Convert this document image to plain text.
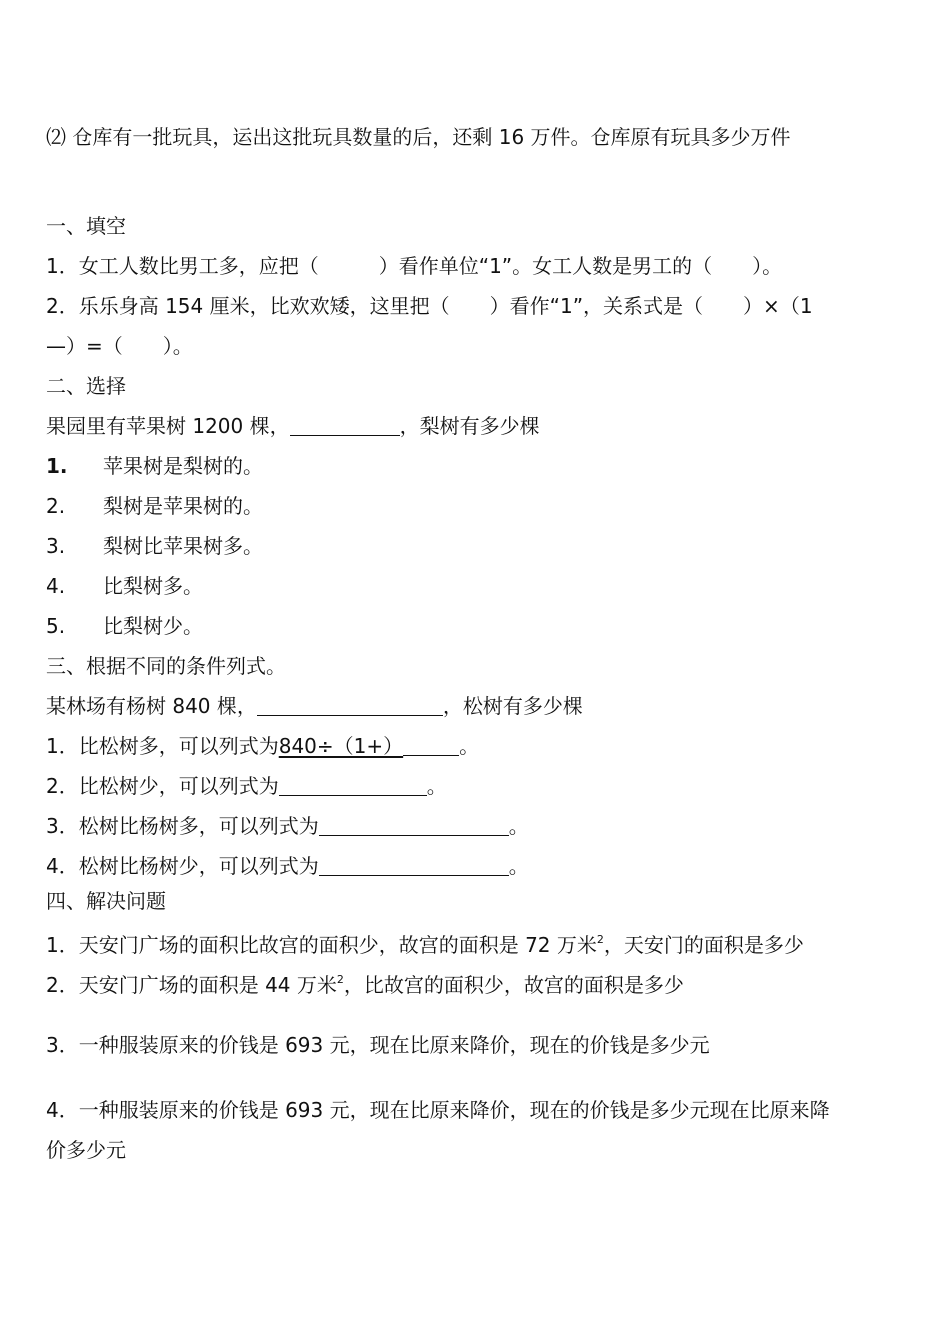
⑵ 仓库有一批玩具，运出这批玩具数量的后，还剩 16 万件。仓库原有玩具多少万件
一、填空
1．女工人数比男工多，应把（　　　）看作单位“1”。女工人数是男工的（　　）。
2．乐乐身高 154 厘米，比欢欢矮，这里把（　　）看作“1”，关系式是（　　）×（1
—）=（　　）。
二、选择
果园里有苹果树 1200 棵，	，梨树有多少棵
1. 苹果树是梨树的。
2. 梨树是苹果树的。
3. 梨树比苹果树多。
4. 比梨树多。
5. 比梨树少。
三、根据不同的条件列式。
某林场有杨树 840 棵，	，松树有多少棵
1．比松树多，可以列式为840÷（1+）	。
2．比松树少，可以列式为	。
3．松树比杨树多，可以列式为	。
4．松树比杨树少，可以列式为	。
四、解决问题
1．天安门广场的面积比故宫的面积少，故宫的面积是 72 万米$^2$，天安门的面积是多少
2．天安门广场的面积是 44 万米$^2$，比故宫的面积少，故宫的面积是多少
3．一种服装原来的价钱是 693 元，现在比原来降价，现在的价钱是多少元
4．一种服装原来的价钱是 693 元，现在比原来降价，现在的价钱是多少元现在比原来降
价多少元
